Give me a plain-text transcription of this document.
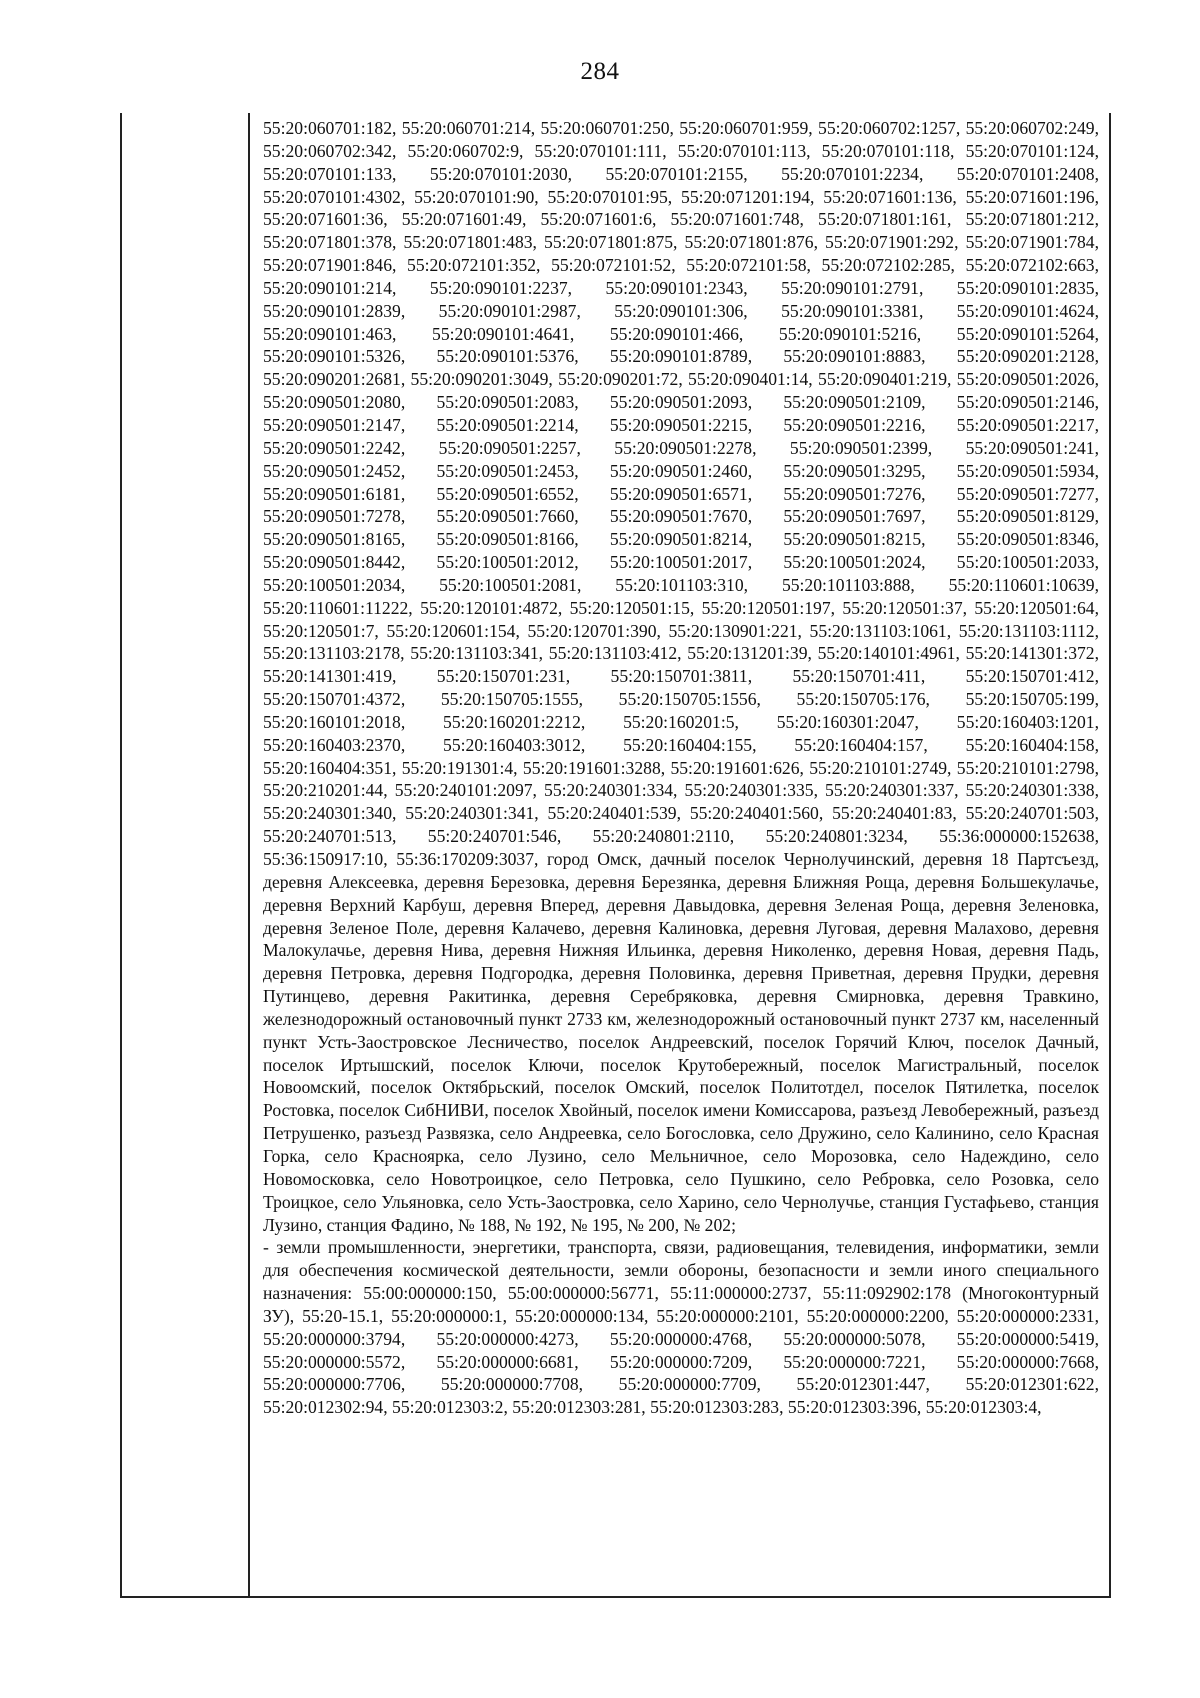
284

55:20:060701:182, 55:20:060701:214, 55:20:060701:250, 55:20:060701:959, 55:20:060702:1257, 55:20:060702:249, 55:20:060702:342, 55:20:060702:9, 55:20:070101:111, 55:20:070101:113, 55:20:070101:118, 55:20:070101:124, 55:20:070101:133, 55:20:070101:2030, 55:20:070101:2155, 55:20:070101:2234, 55:20:070101:2408, 55:20:070101:4302, 55:20:070101:90, 55:20:070101:95, 55:20:071201:194, 55:20:071601:136, 55:20:071601:196, 55:20:071601:36, 55:20:071601:49, 55:20:071601:6, 55:20:071601:748, 55:20:071801:161, 55:20:071801:212, 55:20:071801:378, 55:20:071801:483, 55:20:071801:875, 55:20:071801:876, 55:20:071901:292, 55:20:071901:784, 55:20:071901:846, 55:20:072101:352, 55:20:072101:52, 55:20:072101:58, 55:20:072102:285, 55:20:072102:663, 55:20:090101:214, 55:20:090101:2237, 55:20:090101:2343, 55:20:090101:2791, 55:20:090101:2835, 55:20:090101:2839, 55:20:090101:2987, 55:20:090101:306, 55:20:090101:3381, 55:20:090101:4624, 55:20:090101:463, 55:20:090101:4641, 55:20:090101:466, 55:20:090101:5216, 55:20:090101:5264, 55:20:090101:5326, 55:20:090101:5376, 55:20:090101:8789, 55:20:090101:8883, 55:20:090201:2128, 55:20:090201:2681, 55:20:090201:3049, 55:20:090201:72, 55:20:090401:14, 55:20:090401:219, 55:20:090501:2026, 55:20:090501:2080, 55:20:090501:2083, 55:20:090501:2093, 55:20:090501:2109, 55:20:090501:2146, 55:20:090501:2147, 55:20:090501:2214, 55:20:090501:2215, 55:20:090501:2216, 55:20:090501:2217, 55:20:090501:2242, 55:20:090501:2257, 55:20:090501:2278, 55:20:090501:2399, 55:20:090501:241, 55:20:090501:2452, 55:20:090501:2453, 55:20:090501:2460, 55:20:090501:3295, 55:20:090501:5934, 55:20:090501:6181, 55:20:090501:6552, 55:20:090501:6571, 55:20:090501:7276, 55:20:090501:7277, 55:20:090501:7278, 55:20:090501:7660, 55:20:090501:7670, 55:20:090501:7697, 55:20:090501:8129, 55:20:090501:8165, 55:20:090501:8166, 55:20:090501:8214, 55:20:090501:8215, 55:20:090501:8346, 55:20:090501:8442, 55:20:100501:2012, 55:20:100501:2017, 55:20:100501:2024, 55:20:100501:2033, 55:20:100501:2034, 55:20:100501:2081, 55:20:101103:310, 55:20:101103:888, 55:20:110601:10639, 55:20:110601:11222, 55:20:120101:4872, 55:20:120501:15, 55:20:120501:197, 55:20:120501:37, 55:20:120501:64, 55:20:120501:7, 55:20:120601:154, 55:20:120701:390, 55:20:130901:221, 55:20:131103:1061, 55:20:131103:1112, 55:20:131103:2178, 55:20:131103:341, 55:20:131103:412, 55:20:131201:39, 55:20:140101:4961, 55:20:141301:372, 55:20:141301:419, 55:20:150701:231, 55:20:150701:3811, 55:20:150701:411, 55:20:150701:412, 55:20:150701:4372, 55:20:150705:1555, 55:20:150705:1556, 55:20:150705:176, 55:20:150705:199, 55:20:160101:2018, 55:20:160201:2212, 55:20:160201:5, 55:20:160301:2047, 55:20:160403:1201, 55:20:160403:2370, 55:20:160403:3012, 55:20:160404:155, 55:20:160404:157, 55:20:160404:158, 55:20:160404:351, 55:20:191301:4, 55:20:191601:3288, 55:20:191601:626, 55:20:210101:2749, 55:20:210101:2798, 55:20:210201:44, 55:20:240101:2097, 55:20:240301:334, 55:20:240301:335, 55:20:240301:337, 55:20:240301:338, 55:20:240301:340, 55:20:240301:341, 55:20:240401:539, 55:20:240401:560, 55:20:240401:83, 55:20:240701:503, 55:20:240701:513, 55:20:240701:546, 55:20:240801:2110, 55:20:240801:3234, 55:36:000000:152638, 55:36:150917:10, 55:36:170209:3037, город Омск, дачный поселок Чернолучинский, деревня 18 Партсъезд, деревня Алексеевка, деревня Березовка, деревня Березянка, деревня Ближняя Роща, деревня Большекулачье, деревня Верхний Карбуш, деревня Вперед, деревня Давыдовка, деревня Зеленая Роща, деревня Зеленовка, деревня Зеленое Поле, деревня Калачево, деревня Калиновка, деревня Луговая, деревня Малахово, деревня Малокулачье, деревня Нива, деревня Нижняя Ильинка, деревня Николенко, деревня Новая, деревня Падь, деревня Петровка, деревня Подгородка, деревня Половинка, деревня Приветная, деревня Прудки, деревня Путинцево, деревня Ракитинка, деревня Серебряковка, деревня Смирновка, деревня Травкино, железнодорожный остановочный пункт 2733 км, железнодорожный остановочный пункт 2737 км, населенный пункт Усть-Заостровское Лесничество, поселок Андреевский, поселок Горячий Ключ, поселок Дачный, поселок Иртышский, поселок Ключи, поселок Крутобережный, поселок Магистральный, поселок Новоомский, поселок Октябрьский, поселок Омский, поселок Политотдел, поселок Пятилетка, поселок Ростовка, поселок СибНИВИ, поселок Хвойный, поселок имени Комиссарова, разъезд Левобережный, разъезд Петрушенко, разъезд Развязка, село Андреевка, село Богословка, село Дружино, село Калинино, село Красная Горка, село Красноярка, село Лузино, село Мельничное, село Морозовка, село Надеждино, село Новомосковка, село Новотроицкое, село Петровка, село Пушкино, село Ребровка, село Розовка, село Троицкое, село Ульяновка, село Усть-Заостровка, село Харино, село Чернолучье, станция Густафьево, станция Лузино, станция Фадино, № 188, № 192, № 195, № 200, № 202;

- земли промышленности, энергетики, транспорта, связи, радиовещания, телевидения, информатики, земли для обеспечения космической деятельности, земли обороны, безопасности и земли иного специального назначения: 55:00:000000:150, 55:00:000000:56771, 55:11:000000:2737, 55:11:092902:178 (Многоконтурный ЗУ), 55:20-15.1, 55:20:000000:1, 55:20:000000:134, 55:20:000000:2101, 55:20:000000:2200, 55:20:000000:2331, 55:20:000000:3794, 55:20:000000:4273, 55:20:000000:4768, 55:20:000000:5078, 55:20:000000:5419, 55:20:000000:5572, 55:20:000000:6681, 55:20:000000:7209, 55:20:000000:7221, 55:20:000000:7668, 55:20:000000:7706, 55:20:000000:7708, 55:20:000000:7709, 55:20:012301:447, 55:20:012301:622, 55:20:012302:94, 55:20:012303:2, 55:20:012303:281, 55:20:012303:283, 55:20:012303:396, 55:20:012303:4,
